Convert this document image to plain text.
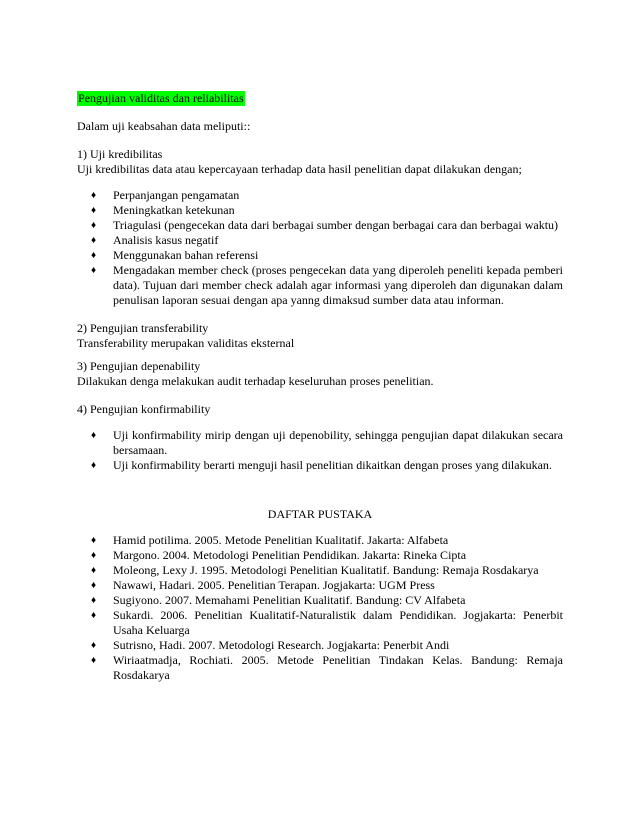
Pengujian validitas dan reliabilitas

Dalam uji keabsahan data meliputi::

1) Uji kredibilitas

Uji kredibilitas data atau kepercayaan terhadap data hasil penelitian dapat dilakukan dengan;

♦	Perpanjangan pengamatan
♦	Meningkatkan ketekunan
♦	Triagulasi (pengecekan data dari berbagai sumber dengan berbagai cara dan berbagai waktu)
♦	Analisis kasus negatif
♦	Menggunakan bahan referensi
♦	Mengadakan member check (proses pengecekan data yang diperoleh peneliti kepada pemberi data). Tujuan dari member check adalah agar informasi yang diperoleh dan digunakan dalam penulisan laporan sesuai dengan apa yanng dimaksud sumber data atau informan.

2) Pengujian transferability

Transferability merupakan validitas eksternal

3) Pengujian depenability

Dilakukan denga melakukan audit terhadap keseluruhan proses penelitian.

4) Pengujian konfirmability

♦	Uji konfirmability mirip dengan uji depenobility, sehingga pengujian dapat dilakukan secara bersamaan.
♦	Uji konfirmability berarti menguji hasil penelitian dikaitkan dengan proses yang dilakukan.

DAFTAR PUSTAKA

♦	Hamid potilima. 2005. Metode Penelitian Kualitatif. Jakarta: Alfabeta
♦	Margono. 2004. Metodologi Penelitian Pendidikan. Jakarta: Rineka Cipta
♦	Moleong, Lexy J. 1995. Metodologi Penelitian Kualitatif. Bandung: Remaja Rosdakarya
♦	Nawawi, Hadari. 2005. Penelitian Terapan. Jogjakarta: UGM Press
♦	Sugiyono. 2007. Memahami Penelitian Kualitatif. Bandung: CV Alfabeta
♦	Sukardi. 2006. Penelitian Kualitatif-Naturalistik dalam Pendidikan. Jogjakarta: Penerbit Usaha Keluarga
♦	Sutrisno, Hadi. 2007. Metodologi Research. Jogjakarta: Penerbit Andi
♦	Wiriaatmadja, Rochiati. 2005. Metode Penelitian Tindakan Kelas. Bandung: Remaja Rosdakarya
